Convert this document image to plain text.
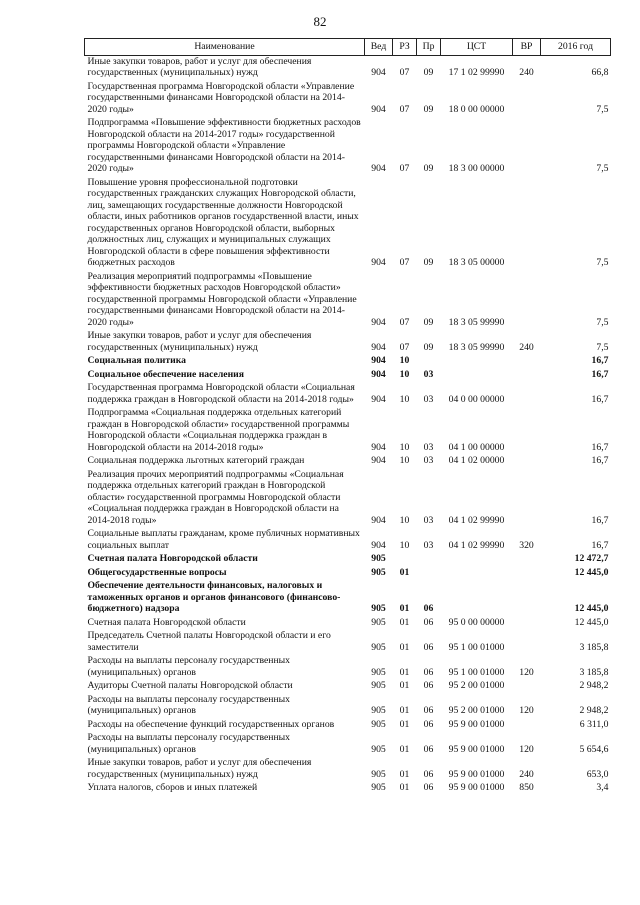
82
Наименование	Вед	РЗ	Пр	ЦСТ	ВР	2016 год
Иные закупки товаров, работ и услуг для обеспечения государственных (муниципальных) нужд	904	07	09	17 1 02 99990	240	66,8
Государственная программа Новгородской области «Управление государственными финансами Новгородской области на 2014-2020 годы»	904	07	09	18 0 00 00000		7,5
Подпрограмма «Повышение эффективности бюджетных расходов Новгородской области на 2014-2017 годы» государственной программы Новгородской области «Управление государственными финансами Новгородской области на 2014-2020 годы»	904	07	09	18 3 00 00000		7,5
Повышение уровня профессиональной подготовки государственных гражданских служащих Новгородской области, лиц, замещающих государственные должности Новгородской области, иных работников органов государственной власти, иных государственных органов Новгородской области, выборных должностных лиц, служащих и муниципальных служащих Новгородской области в сфере повышения эффективности бюджетных расходов	904	07	09	18 3 05 00000		7,5
Реализация мероприятий подпрограммы «Повышение эффективности бюджетных расходов Новгородской области» государственной программы Новгородской области «Управление государственными финансами Новгородской области на 2014-2020 годы»	904	07	09	18 3 05 99990		7,5
Иные закупки товаров, работ и услуг для обеспечения государственных (муниципальных) нужд	904	07	09	18 3 05 99990	240	7,5
Социальная политика	904	10				16,7
Социальное обеспечение населения	904	10	03			16,7
Государственная программа Новгородской области «Социальная поддержка граждан в Новгородской области на 2014-2018 годы»	904	10	03	04 0 00 00000		16,7
Подпрограмма «Социальная поддержка отдельных категорий граждан в Новгородской области» государственной программы Новгородской области «Социальная поддержка граждан в Новгородской области на 2014-2018 годы»	904	10	03	04 1 00 00000		16,7
Социальная поддержка льготных категорий граждан	904	10	03	04 1 02 00000		16,7
Реализация прочих мероприятий подпрограммы «Социальная поддержка отдельных категорий граждан в Новгородской области» государственной программы Новгородской области «Социальная поддержка граждан в Новгородской области на 2014-2018 годы»	904	10	03	04 1 02 99990		16,7
Социальные выплаты гражданам, кроме публичных нормативных социальных выплат	904	10	03	04 1 02 99990	320	16,7
Счетная палата Новгородской области	905					12 472,7
Общегосударственные вопросы	905	01				12 445,0
Обеспечение деятельности финансовых, налоговых и таможенных органов и органов финансового (финансово-бюджетного) надзора	905	01	06			12 445,0
Счетная палата Новгородской области	905	01	06	95 0 00 00000		12 445,0
Председатель Счетной палаты Новгородской области и его заместители	905	01	06	95 1 00 01000		3 185,8
Расходы на выплаты персоналу государственных (муниципальных) органов	905	01	06	95 1 00 01000	120	3 185,8
Аудиторы Счетной палаты Новгородской области	905	01	06	95 2 00 01000		2 948,2
Расходы на выплаты персоналу государственных (муниципальных) органов	905	01	06	95 2 00 01000	120	2 948,2
Расходы на обеспечение функций государственных органов	905	01	06	95 9 00 01000		6 311,0
Расходы на выплаты персоналу государственных (муниципальных) органов	905	01	06	95 9 00 01000	120	5 654,6
Иные закупки товаров, работ и услуг для обеспечения государственных (муниципальных) нужд	905	01	06	95 9 00 01000	240	653,0
Уплата налогов, сборов и иных платежей	905	01	06	95 9 00 01000	850	3,4
